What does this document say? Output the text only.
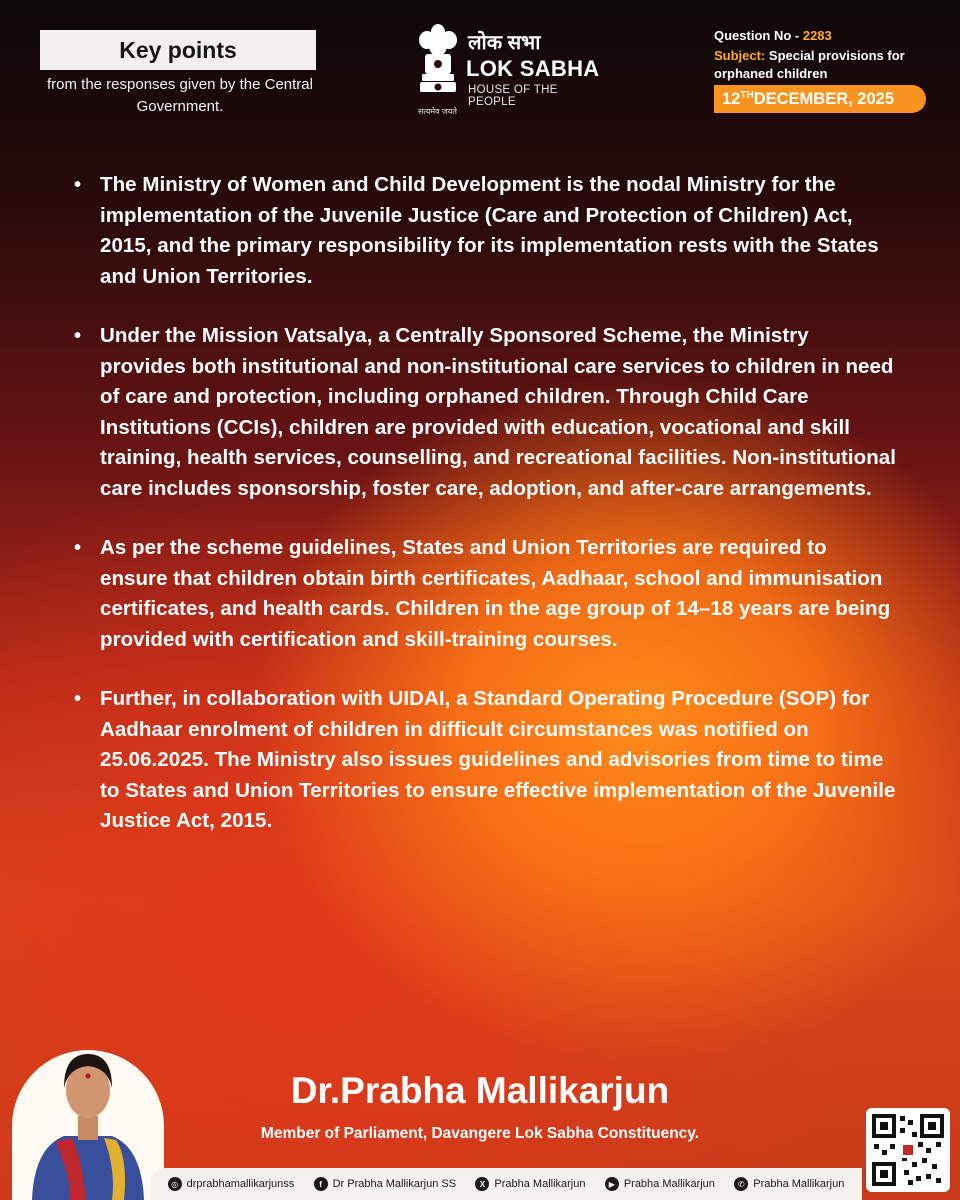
Key points
from the responses given by the Central Government.
लोक सभा
LOK SABHA
HOUSE OF THE PEOPLE
सत्यमेव जयते
Question No - 2283
Subject: Special provisions for orphaned children
12TH DECEMBER, 2025
• The Ministry of Women and Child Development is the nodal Ministry for the implementation of the Juvenile Justice (Care and Protection of Children) Act, 2015, and the primary responsibility for its implementation rests with the States and Union Territories.
• Under the Mission Vatsalya, a Centrally Sponsored Scheme, the Ministry provides both institutional and non-institutional care services to children in need of care and protection, including orphaned children. Through Child Care Institutions (CCIs), children are provided with education, vocational and skill training, health services, counselling, and recreational facilities. Non-institutional care includes sponsorship, foster care, adoption, and after-care arrangements.
• As per the scheme guidelines, States and Union Territories are required to ensure that children obtain birth certificates, Aadhaar, school and immunisation certificates, and health cards. Children in the age group of 14–18 years are being provided with certification and skill-training courses.
• Further, in collaboration with UIDAI, a Standard Operating Procedure (SOP) for Aadhaar enrolment of children in difficult circumstances was notified on 25.06.2025. The Ministry also issues guidelines and advisories from time to time to States and Union Territories to ensure effective implementation of the Juvenile Justice Act, 2015.
Dr.Prabha Mallikarjun
Member of Parliament, Davangere Lok Sabha Constituency.
◎ drprabhamallikarjunss	f Dr Prabha Mallikarjun SS	X Prabha Mallikarjun	▶ Prabha Mallikarjun	✆ Prabha Mallikarjun
